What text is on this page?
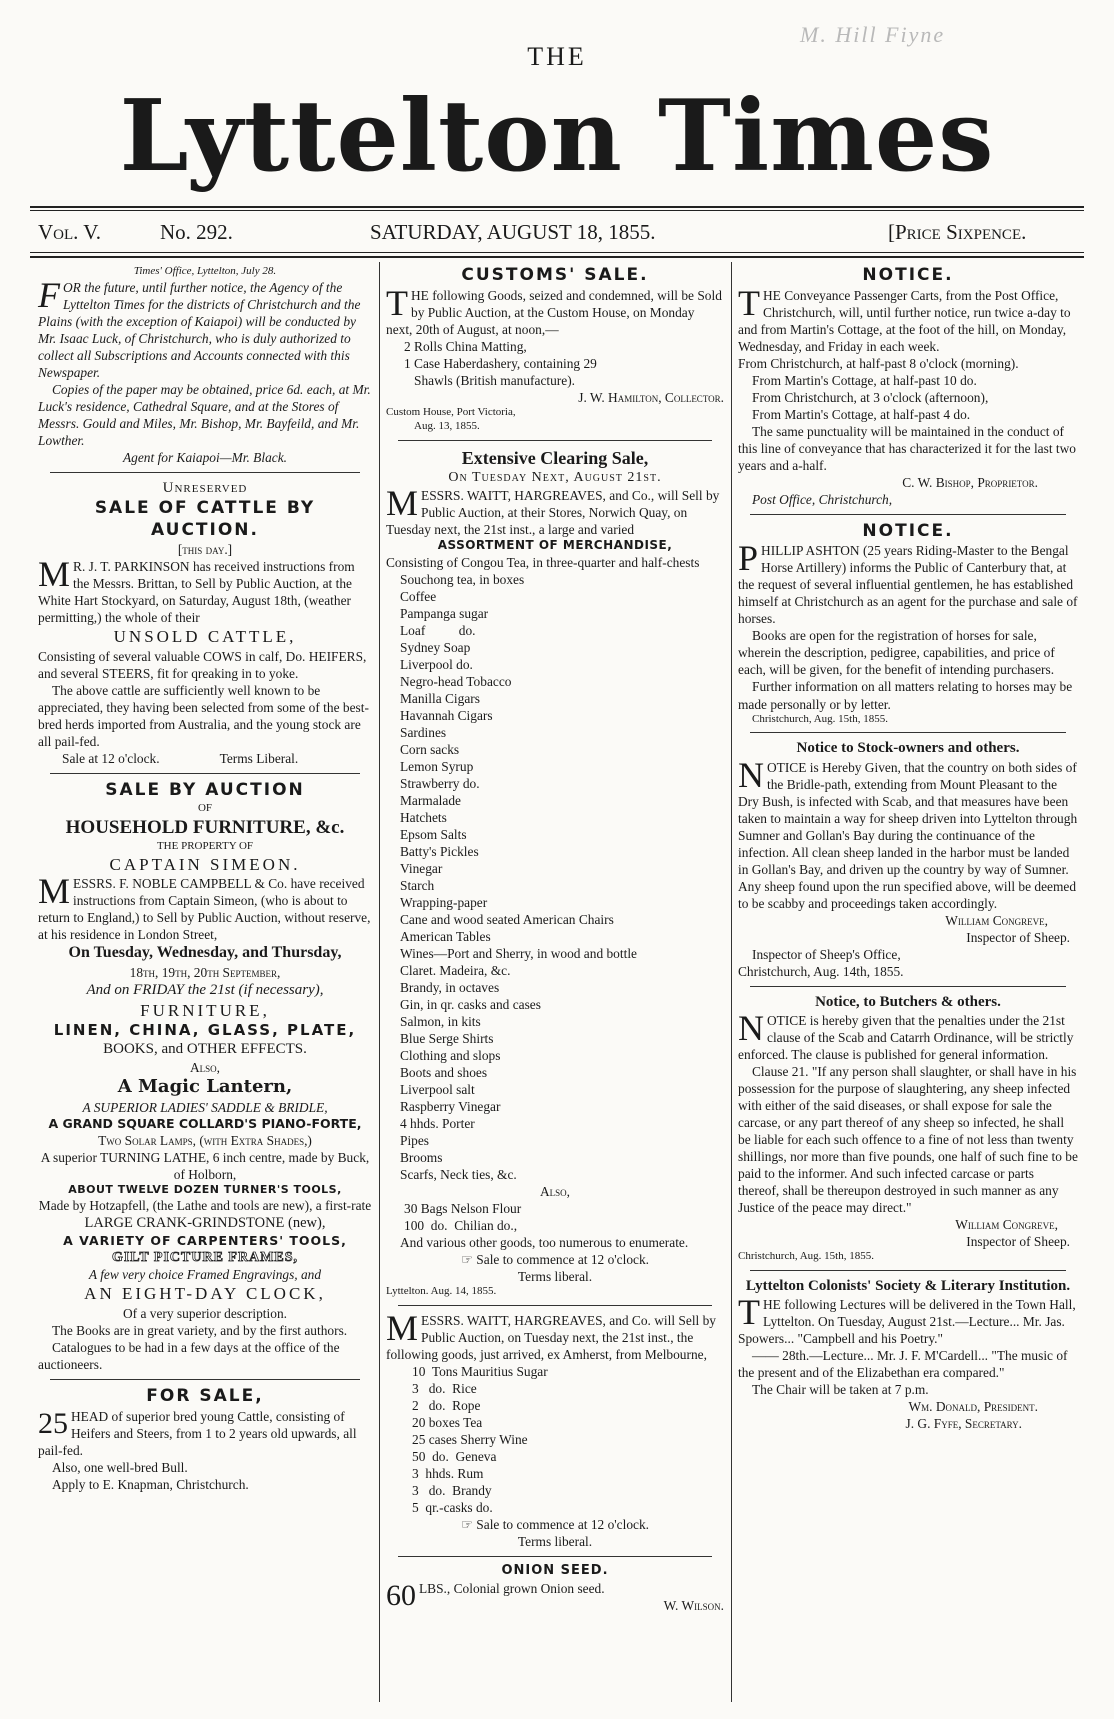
M. Hill Fiyne
THE
Lyttelton Times
Vol. V.	No. 292.	SATURDAY, AUGUST 18, 1855.	[Price Sixpence.

Times' Office, Lyttelton, July 28.

FOR the future, until further notice, the Agency of the Lyttelton Times for the districts of Christchurch and the Plains (with the exception of Kaiapoi) will be conducted by Mr. Isaac Luck, of Christchurch, who is duly authorized to collect all Subscriptions and Accounts connected with this Newspaper.

Copies of the paper may be obtained, price 6d. each, at Mr. Luck's residence, Cathedral Square, and at the Stores of Messrs. Gould and Miles, Mr. Bishop, Mr. Bayfeild, and Mr. Lowther.

Agent for Kaiapoi—Mr. Black.

Unreserved

SALE OF CATTLE BY AUCTION.

[this day.]

M R. J. T. PARKINSON has received instructions from the Messrs. Brittan, to Sell by Public Auction, at the White Hart Stockyard, on Saturday, August 18th, (weather permitting,) the whole of their

UNSOLD CATTLE,

Consisting of several valuable COWS in calf, Do. HEIFERS, and several STEERS, fit for qreaking in to yoke.

The above cattle are sufficiently well known to be appreciated, they having been selected from some of the best-bred herds imported from Australia, and the young stock are all pail-fed.

Sale at 12 o'clock.	Terms Liberal.

SALE BY AUCTION

OF

HOUSEHOLD FURNITURE, &c.

THE PROPERTY OF

CAPTAIN SIMEON.

MESSRS. F. NOBLE CAMPBELL & Co. have received instructions from Captain Simeon, (who is about to return to England,) to Sell by Public Auction, without reserve, at his residence in London Street,

On Tuesday, Wednesday, and Thursday,

18th, 19th, 20th September,

And on FRIDAY the 21st (if necessary),

FURNITURE,

LINEN, CHINA, GLASS, PLATE,

BOOKS, and OTHER EFFECTS.

Also,

A Magic Lantern,

A SUPERIOR LADIES' SADDLE & BRIDLE,

A GRAND SQUARE COLLARD'S PIANO-FORTE,

Two Solar Lamps, (with Extra Shades,)

A superior TURNING LATHE, 6 inch centre, made by Buck, of Holborn,

ABOUT TWELVE DOZEN TURNER'S TOOLS,

Made by Hotzapfell, (the Lathe and tools are new), a first-rate

LARGE CRANK-GRINDSTONE (new),

A VARIETY OF CARPENTERS' TOOLS,

GILT PICTURE FRAMES,

A few very choice Framed Engravings, and

AN EIGHT-DAY CLOCK,

Of a very superior description.

The Books are in great variety, and by the first authors.

Catalogues to be had in a few days at the office of the auctioneers.

FOR SALE,

25 HEAD of superior bred young Cattle, consisting of Heifers and Steers, from 1 to 2 years old upwards, all pail-fed.

Also, one well-bred Bull.

Apply to E. Knapman, Christchurch.

CUSTOMS' SALE.

THE following Goods, seized and condemned, will be Sold by Public Auction, at the Custom House, on Monday next, 20th of August, at noon,—

2 Rolls China Matting,

1 Case Haberdashery, containing 29

Shawls (British manufacture).

J. W. Hamilton, Collector.

Custom House, Port Victoria,

Aug. 13, 1855.

Extensive Clearing Sale,

On Tuesday Next, August 21st.

MESSRS. WAITT, HARGREAVES, and Co., will Sell by Public Auction, at their Stores, Norwich Quay, on Tuesday next, the 21st inst., a large and varied

ASSORTMENT OF MERCHANDISE,

Consisting of Congou Tea, in three-quarter and half-chests

Souchong tea, in boxes

Coffee

Pampanga sugar

Loaf          do.

Sydney Soap

Liverpool do.

Negro-head Tobacco

Manilla Cigars

Havannah Cigars

Sardines

Corn sacks

Lemon Syrup

Strawberry do.

Marmalade

Hatchets

Epsom Salts

Batty's Pickles

Vinegar

Starch

Wrapping-paper

Cane and wood seated American Chairs

American Tables

Wines—Port and Sherry, in wood and bottle

Claret. Madeira, &c.

Brandy, in octaves

Gin, in qr. casks and cases

Salmon, in kits

Blue Serge Shirts

Clothing and slops

Boots and shoes

Liverpool salt

Raspberry Vinegar

4 hhds. Porter

Pipes

Brooms

Scarfs, Neck ties, &c.

Also,

30 Bags Nelson Flour

100  do.  Chilian do.,

And various other goods, too numerous to enumerate.

☞ Sale to commence at 12 o'clock.

Terms liberal.

Lyttelton. Aug. 14, 1855.

MESSRS. WAITT, HARGREAVES, and Co. will Sell by Public Auction, on Tuesday next, the 21st inst., the following goods, just arrived, ex Amherst, from Melbourne,

10  Tons Mauritius Sugar

3   do.  Rice

2   do.  Rope

20 boxes Tea

25 cases Sherry Wine

50  do.  Geneva

3  hhds. Rum

3   do.  Brandy

5  qr.-casks do.

☞ Sale to commence at 12 o'clock.

Terms liberal.

ONION SEED.

60 LBS., Colonial grown Onion seed.

W. Wilson.

NOTICE.

THE Conveyance Passenger Carts, from the Post Office, Christchurch, will, until further notice, run twice a-day to and from Martin's Cottage, at the foot of the hill, on Monday, Wednesday, and Friday in each week.

From Christchurch, at half-past 8 o'clock (morning).

From Martin's Cottage, at half-past 10 do.

From Christchurch, at 3 o'clock (afternoon),

From Martin's Cottage, at half-past 4 do.

The same punctuality will be maintained in the conduct of this line of conveyance that has characterized it for the last two years and a-half.

C. W. Bishop, Proprietor.

Post Office, Christchurch,

NOTICE.

PHILLIP ASHTON (25 years Riding-Master to the Bengal Horse Artillery) informs the Public of Canterbury that, at the request of several influential gentlemen, he has established himself at Christchurch as an agent for the purchase and sale of horses.

Books are open for the registration of horses for sale, wherein the description, pedigree, capabilities, and price of each, will be given, for the benefit of intending purchasers.

Further information on all matters relating to horses may be made personally or by letter.

Christchurch, Aug. 15th, 1855.

Notice to Stock-owners and others.

NOTICE is Hereby Given, that the country on both sides of the Bridle-path, extending from Mount Pleasant to the Dry Bush, is infected with Scab, and that measures have been taken to maintain a way for sheep driven into Lyttelton through Sumner and Gollan's Bay during the continuance of the infection. All clean sheep landed in the harbor must be landed in Gollan's Bay, and driven up the country by way of Sumner. Any sheep found upon the run specified above, will be deemed to be scabby and proceedings taken accordingly.

William Congreve,

Inspector of Sheep.

Inspector of Sheep's Office,

Christchurch, Aug. 14th, 1855.

Notice, to Butchers & others.

NOTICE is hereby given that the penalties under the 21st clause of the Scab and Catarrh Ordinance, will be strictly enforced. The clause is published for general information.

Clause 21. "If any person shall slaughter, or shall have in his possession for the purpose of slaughtering, any sheep infected with either of the said diseases, or shall expose for sale the carcase, or any part thereof of any sheep so infected, he shall be liable for each such offence to a fine of not less than twenty shillings, nor more than five pounds, one half of such fine to be paid to the informer. And such infected carcase or parts thereof, shall be thereupon destroyed in such manner as any Justice of the peace may direct."

William Congreve,

Inspector of Sheep.

Christchurch, Aug. 15th, 1855.

Lyttelton Colonists' Society & Literary Institution.

THE following Lectures will be delivered in the Town Hall, Lyttelton. On Tuesday, August 21st.—Lecture... Mr. Jas. Spowers... "Campbell and his Poetry."

—— 28th.—Lecture... Mr. J. F. M'Cardell... "The music of the present and of the Elizabethan era compared."

The Chair will be taken at 7 p.m.

Wm. Donald, President.

J. G. Fyfe, Secretary.
